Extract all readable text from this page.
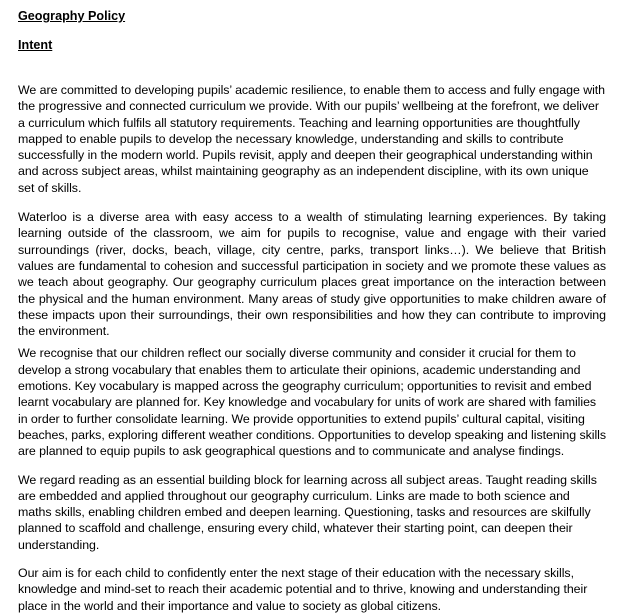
Geography Policy
Intent

We are committed to developing pupils’ academic resilience, to enable them to access and fully engage with the progressive and connected curriculum we provide. With our pupils’ wellbeing at the forefront, we deliver a curriculum which fulfils all statutory requirements. Teaching and learning opportunities are thoughtfully mapped to enable pupils to develop the necessary knowledge, understanding and skills to contribute successfully in the modern world. Pupils revisit, apply and deepen their geographical understanding within and across subject areas, whilst maintaining geography as an independent discipline, with its own unique set of skills.

Waterloo is a diverse area with easy access to a wealth of stimulating learning experiences. By taking learning outside of the classroom, we aim for pupils to recognise, value and engage with their varied surroundings (river, docks, beach, village, city centre, parks, transport links…). We believe that British values are fundamental to cohesion and successful participation in society and we promote these values as we teach about geography. Our geography curriculum places great importance on the interaction between the physical and the human environment. Many areas of study give opportunities to make children aware of these impacts upon their surroundings, their own responsibilities and how they can contribute to improving the environment.

We recognise that our children reflect our socially diverse community and consider it crucial for them to develop a strong vocabulary that enables them to articulate their opinions, academic understanding and emotions. Key vocabulary is mapped across the geography curriculum; opportunities to revisit and embed learnt vocabulary are planned for. Key knowledge and vocabulary for units of work are shared with families in order to further consolidate learning. We provide opportunities to extend pupils’ cultural capital, visiting beaches, parks, exploring different weather conditions. Opportunities to develop speaking and listening skills are planned to equip pupils to ask geographical questions and to communicate and analyse findings.

We regard reading as an essential building block for learning across all subject areas. Taught reading skills are embedded and applied throughout our geography curriculum. Links are made to both science and maths skills, enabling children embed and deepen learning. Questioning, tasks and resources are skilfully planned to scaffold and challenge, ensuring every child, whatever their starting point, can deepen their understanding.

Our aim is for each child to confidently enter the next stage of their education with the necessary skills, knowledge and mind-set to reach their academic potential and to thrive, knowing and understanding their place in the world and their importance and value to society as global citizens.
